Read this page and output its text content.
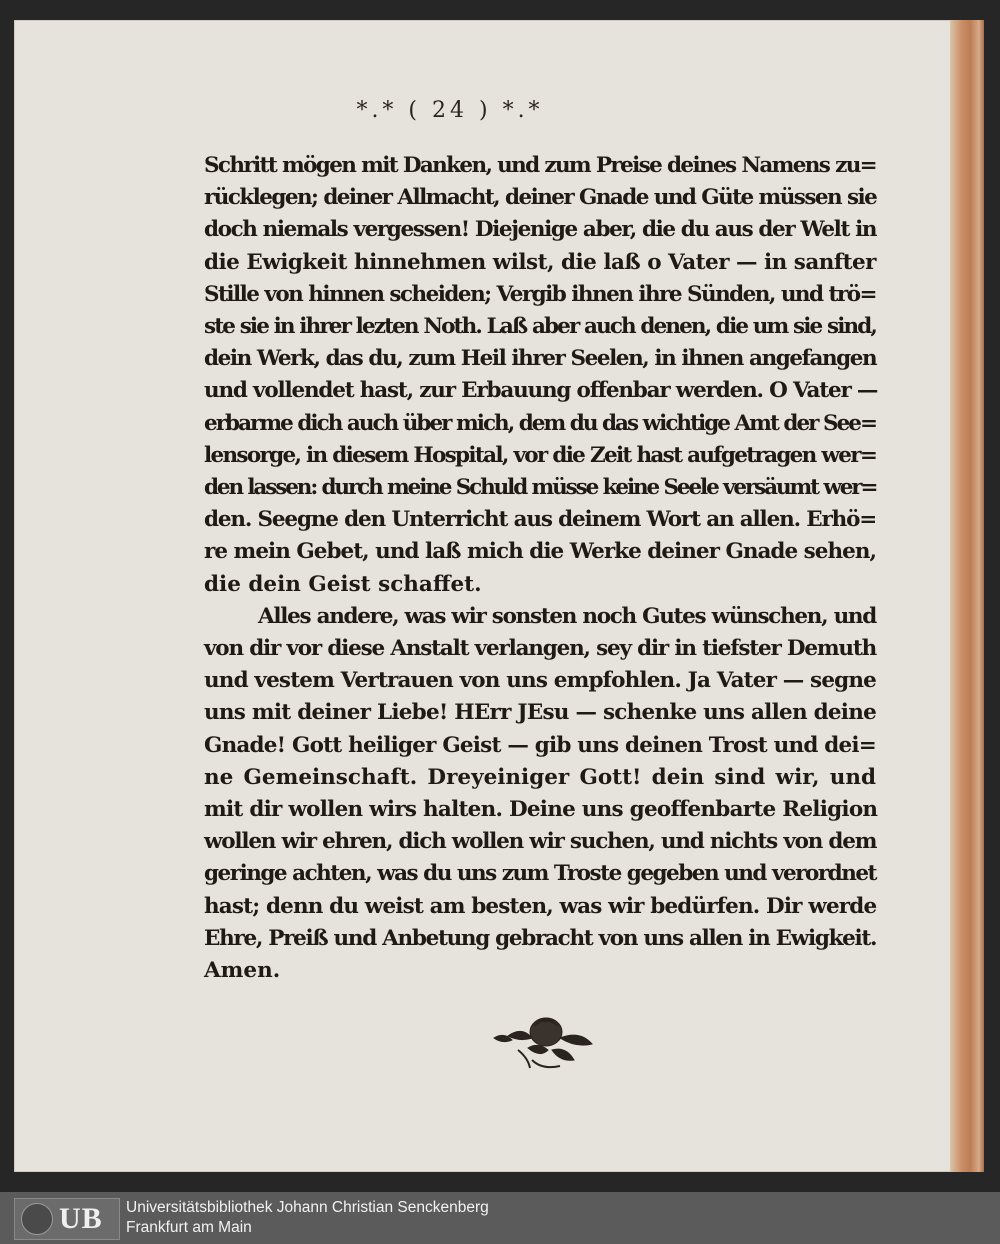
*.* ( 24 ) *.*

Schritt mögen mit Danken, und zum Preise deines Namens zu=
rücklegen; deiner Allmacht, deiner Gnade und Güte müssen sie
doch niemals vergessen! Diejenige aber, die du aus der Welt in
die Ewigkeit hinnehmen wilst, die laß o Vater — in sanfter
Stille von hinnen scheiden; Vergib ihnen ihre Sünden, und trö=
ste sie in ihrer lezten Noth. Laß aber auch denen, die um sie sind,
dein Werk, das du, zum Heil ihrer Seelen, in ihnen angefangen
und vollendet hast, zur Erbauung offenbar werden. O Vater —
erbarme dich auch über mich, dem du das wichtige Amt der See=
lensorge, in diesem Hospital, vor die Zeit hast aufgetragen wer=
den lassen: durch meine Schuld müsse keine Seele versäumt wer=
den. Seegne den Unterricht aus deinem Wort an allen. Erhö=
re mein Gebet, und laß mich die Werke deiner Gnade sehen,
die dein Geist schaffet.

Alles andere, was wir sonsten noch Gutes wünschen, und
von dir vor diese Anstalt verlangen, sey dir in tiefster Demuth
und vestem Vertrauen von uns empfohlen. Ja Vater — segne
uns mit deiner Liebe! HErr JEsu — schenke uns allen deine
Gnade! Gott heiliger Geist — gib uns deinen Trost und dei=
ne Gemeinschaft. Dreyeiniger Gott! dein sind wir, und
mit dir wollen wirs halten. Deine uns geoffenbarte Religion
wollen wir ehren, dich wollen wir suchen, und nichts von dem
geringe achten, was du uns zum Troste gegeben und verordnet
hast; denn du weist am besten, was wir bedürfen. Dir werde
Ehre, Preiß und Anbetung gebracht von uns allen in Ewigkeit.
Amen.

UB Universitätsbibliothek Johann Christian Senckenberg
Frankfurt am Main
